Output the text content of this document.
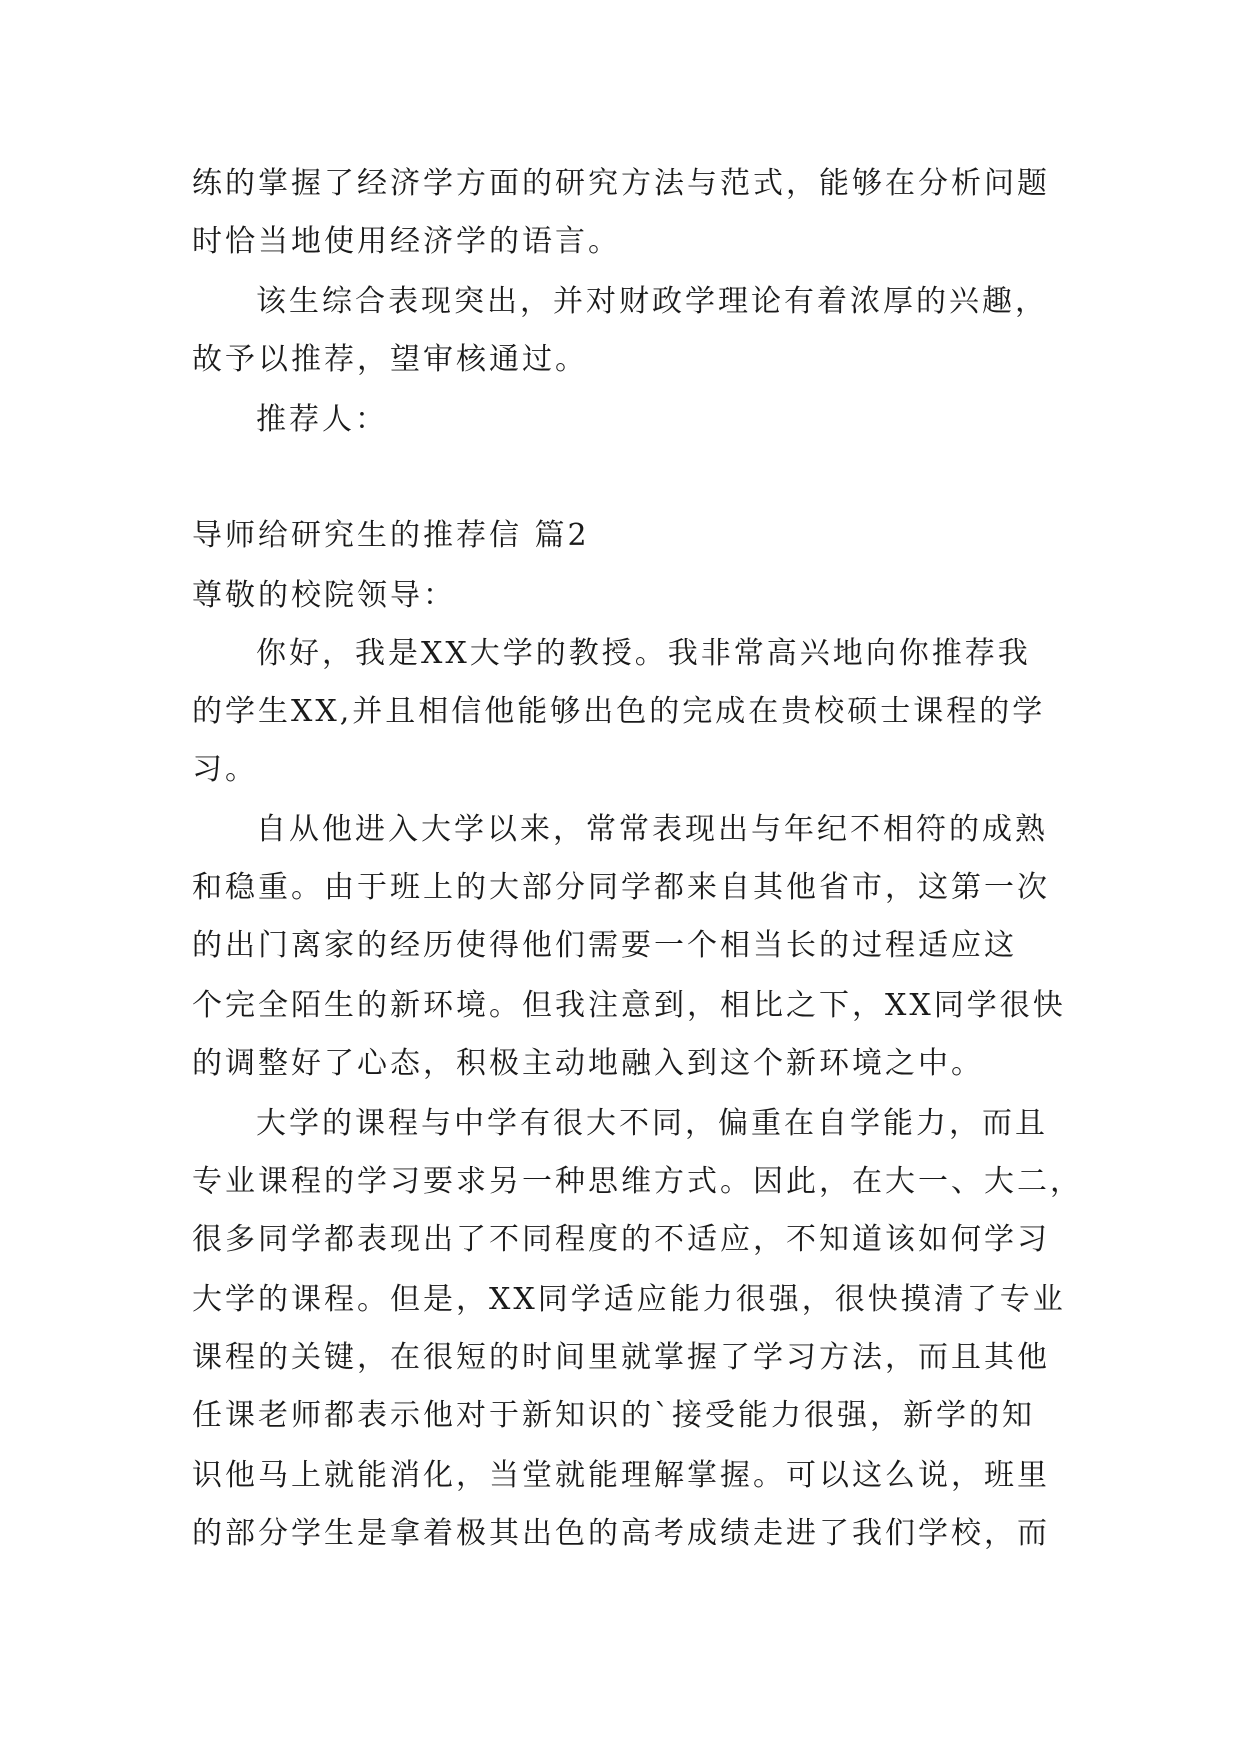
练的掌握了经济学方面的研究方法与范式，能够在分析问题
时恰当地使用经济学的语言。
该生综合表现突出，并对财政学理论有着浓厚的兴趣，
故予以推荐，望审核通过。
推荐人：
导师给研究生的推荐信 篇2
尊敬的校院领导：
你好，我是XX大学的教授。我非常高兴地向你推荐我
的学生XX,并且相信他能够出色的完成在贵校硕士课程的学
习。
自从他进入大学以来，常常表现出与年纪不相符的成熟
和稳重。由于班上的大部分同学都来自其他省市，这第一次
的出门离家的经历使得他们需要一个相当长的过程适应这
个完全陌生的新环境。但我注意到，相比之下，XX同学很快
的调整好了心态，积极主动地融入到这个新环境之中。
大学的课程与中学有很大不同，偏重在自学能力，而且
专业课程的学习要求另一种思维方式。因此，在大一、大二，
很多同学都表现出了不同程度的不适应，不知道该如何学习
大学的课程。但是，XX同学适应能力很强，很快摸清了专业
课程的关键，在很短的时间里就掌握了学习方法，而且其他
任课老师都表示他对于新知识的`接受能力很强，新学的知
识他马上就能消化，当堂就能理解掌握。可以这么说，班里
的部分学生是拿着极其出色的高考成绩走进了我们学校，而
